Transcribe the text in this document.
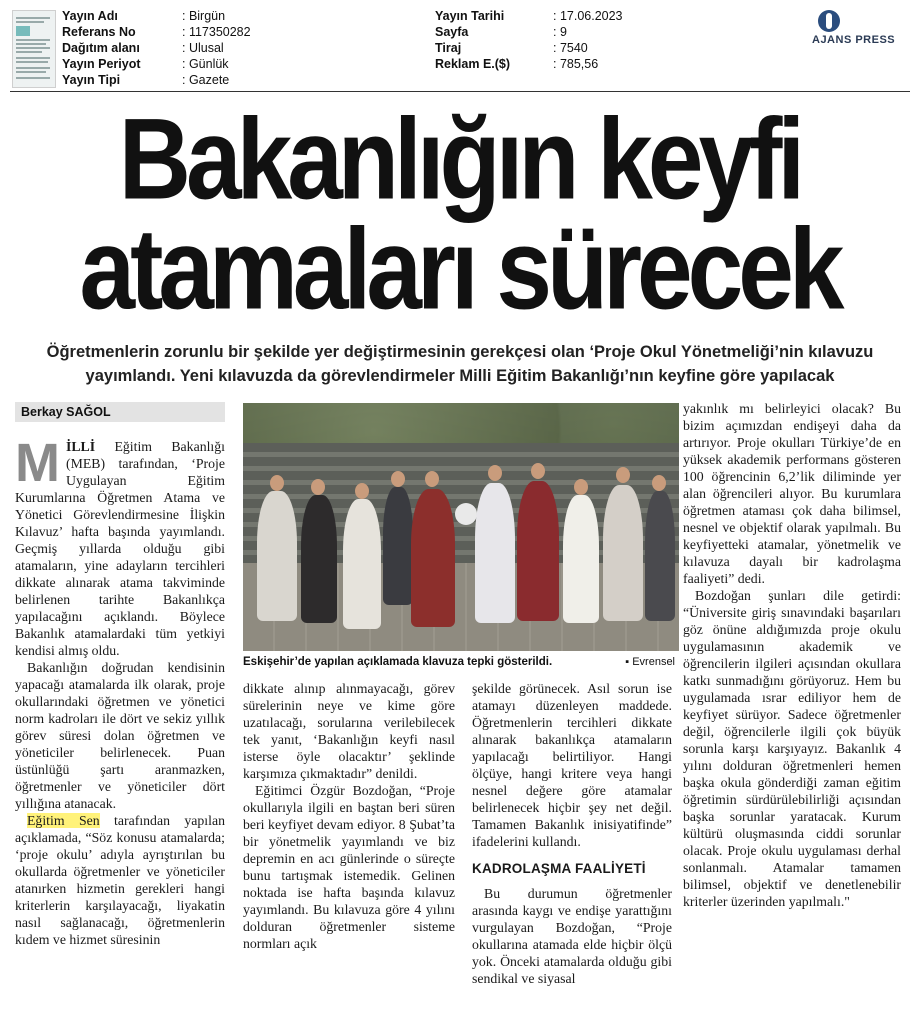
Yayın Adı	: Birgün
Referans No	: 117350282
Dağıtım alanı	: Ulusal
Yayın Periyot	: Günlük
Yayın Tipi	: Gazete
Yayın Tarihi	: 17.06.2023
Sayfa	: 9
Tiraj	: 7540
Reklam E.($)	: 785,56
AJANS PRESS
Bakanlığın keyfi
atamaları sürecek
Öğretmenlerin zorunlu bir şekilde yer değiştirmesinin gerekçesi olan ‘Proje Okul Yönetmeliği’nin kılavuzu
yayımlandı. Yeni kılavuzda da görevlendirmeler Milli Eğitim Bakanlığı’nın keyfine göre yapılacak
Berkay SAĞOL

MİLLİ Eğitim Bakanlığı (MEB) tarafından, ‘Proje Uygulayan Eğitim Kurumlarına Öğretmen Atama ve Yönetici Görevlendirmesine İlişkin Kılavuz’ hafta başında yayımlandı. Geçmiş yıllarda olduğu gibi atamaların, yine adayların tercihleri dikkate alınarak atama takviminde belirlenen tarihte Bakanlıkça yapılacağını açıklandı. Böylece Bakanlık atamalardaki tüm yetkiyi kendisi almış oldu.

Bakanlığın doğrudan kendisinin yapacağı atamalarda ilk olarak, proje okullarındaki öğretmen ve yönetici norm kadroları ile dört ve sekiz yıllık görev süresi dolan öğretmen ve yöneticiler belirlenecek. Puan üstünlüğü şartı aranmazken, öğretmenler ve yöneticiler dört yıllığına atanacak.

Eğitim Sen tarafından yapılan açıklamada, “Söz konusu atamalarda; ‘proje okulu’ adıyla ayrıştırılan bu okullarda öğretmenler ve yöneticiler atanırken hizmetin gerekleri hangi kriterlerin karşılayacağı, liyakatin nasıl sağlanacağı, öğretmenlerin kıdem ve hizmet süresinin

Eskişehir’de yapılan açıklamada klavuza tepki gösterildi.	▪ Evrensel

dikkate alınıp alınmayacağı, görev sürelerinin neye ve kime göre uzatılacağı, sorularına verilebilecek tek yanıt, ‘Bakanlığın keyfi nasıl isterse öyle olacaktır’ şeklinde karşımıza çıkmaktadır” denildi.

Eğitimci Özgür Bozdoğan, “Proje okullarıyla ilgili en baştan beri süren beri keyfiyet devam ediyor. 8 Şubat’ta bir yönetmelik yayımlandı ve biz depremin en acı günlerinde o süreçte bunu tartışmak istemedik. Gelinen noktada ise hafta başında kılavuz yayımlandı. Bu kılavuza göre 4 yılını dolduran öğretmenler sisteme normları açık

şekilde görünecek. Asıl sorun ise atamayı düzenleyen maddede. Öğretmenlerin tercihleri dikkate alınarak bakanlıkça atamaların yapılacağı belirtiliyor. Hangi ölçüye, hangi kritere veya hangi nesnel değere göre atamalar belirlenecek hiçbir şey net değil. Tamamen Bakanlık inisiyatifinde” ifadelerini kullandı.

KADROLAŞMA FAALİYETİ

Bu durumun öğretmenler arasında kaygı ve endişe yarattığını vurgulayan Bozdoğan, “Proje okullarına atamada elde hiçbir ölçü yok. Önceki atamalarda olduğu gibi sendikal ve siyasal

yakınlık mı belirleyici olacak? Bu bizim açımızdan endişeyi daha da artırıyor. Proje okulları Türkiye’de en yüksek akademik performans gösteren 100 öğrencinin 6,2’lik diliminde yer alan öğrencileri alıyor. Bu kurumlara öğretmen ataması çok daha bilimsel, nesnel ve objektif olarak yapılmalı. Bu keyfiyetteki atamalar, yönetmelik ve kılavuza dayalı bir kadrolaşma faaliyeti” dedi.

Bozdoğan şunları dile getirdi: “Üniversite giriş sınavındaki başarıları göz önüne aldığımızda proje okulu uygulamasının akademik ve öğrencilerin ilgileri açısından okullara katkı sunmadığını görüyoruz. Hem bu uygulamada ısrar ediliyor hem de keyfiyet sürüyor. Sadece öğretmenler değil, öğrencilerle ilgili çok büyük sorunla karşı karşıyayız. Bakanlık 4 yılını dolduran öğretmenleri hemen başka okula gönderdiği zaman eğitim öğretimin sürdürülebilirliği açısından başka sorunlar yaratacak. Kurum kültürü oluşmasında ciddi sorunlar olacak. Proje okulu uygulaması derhal sonlanmalı. Atamalar tamamen bilimsel, objektif ve denetlenebilir kriterler üzerinden yapılmalı."
